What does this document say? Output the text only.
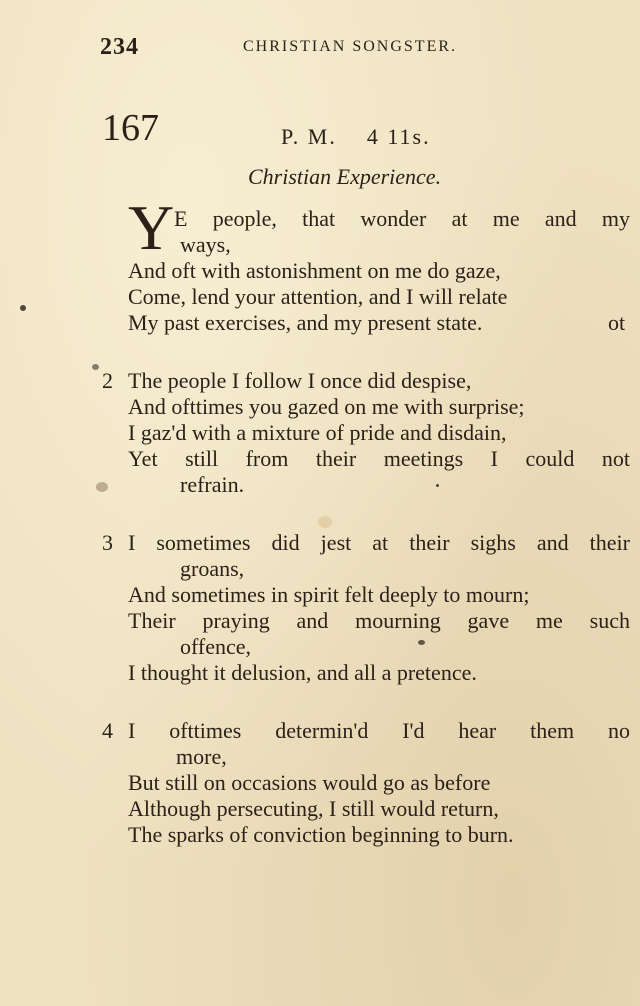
234	CHRISTIAN SONGSTER.
167	P. M.    4 11s.
Christian Experience.
Y E people, that wonder at me and my
ways,
And oft with astonishment on me do gaze,
Come, lend your attention, and I will relate
My past exercises, and my present state.	ot
2 The people I follow I once did despise,
And ofttimes you gazed on me with surprise;
I gaz'd with a mixture of pride and disdain,
Yet still from their meetings I could not
refrain.
3 I sometimes did jest at their sighs and their
groans,
And sometimes in spirit felt deeply to mourn;
Their praying and mourning gave me such
offence,
I thought it delusion, and all a pretence.
4 I ofttimes determin'd I'd hear them no
more,
But still on occasions would go as before
Although persecuting, I still would return,
The sparks of conviction beginning to burn.
